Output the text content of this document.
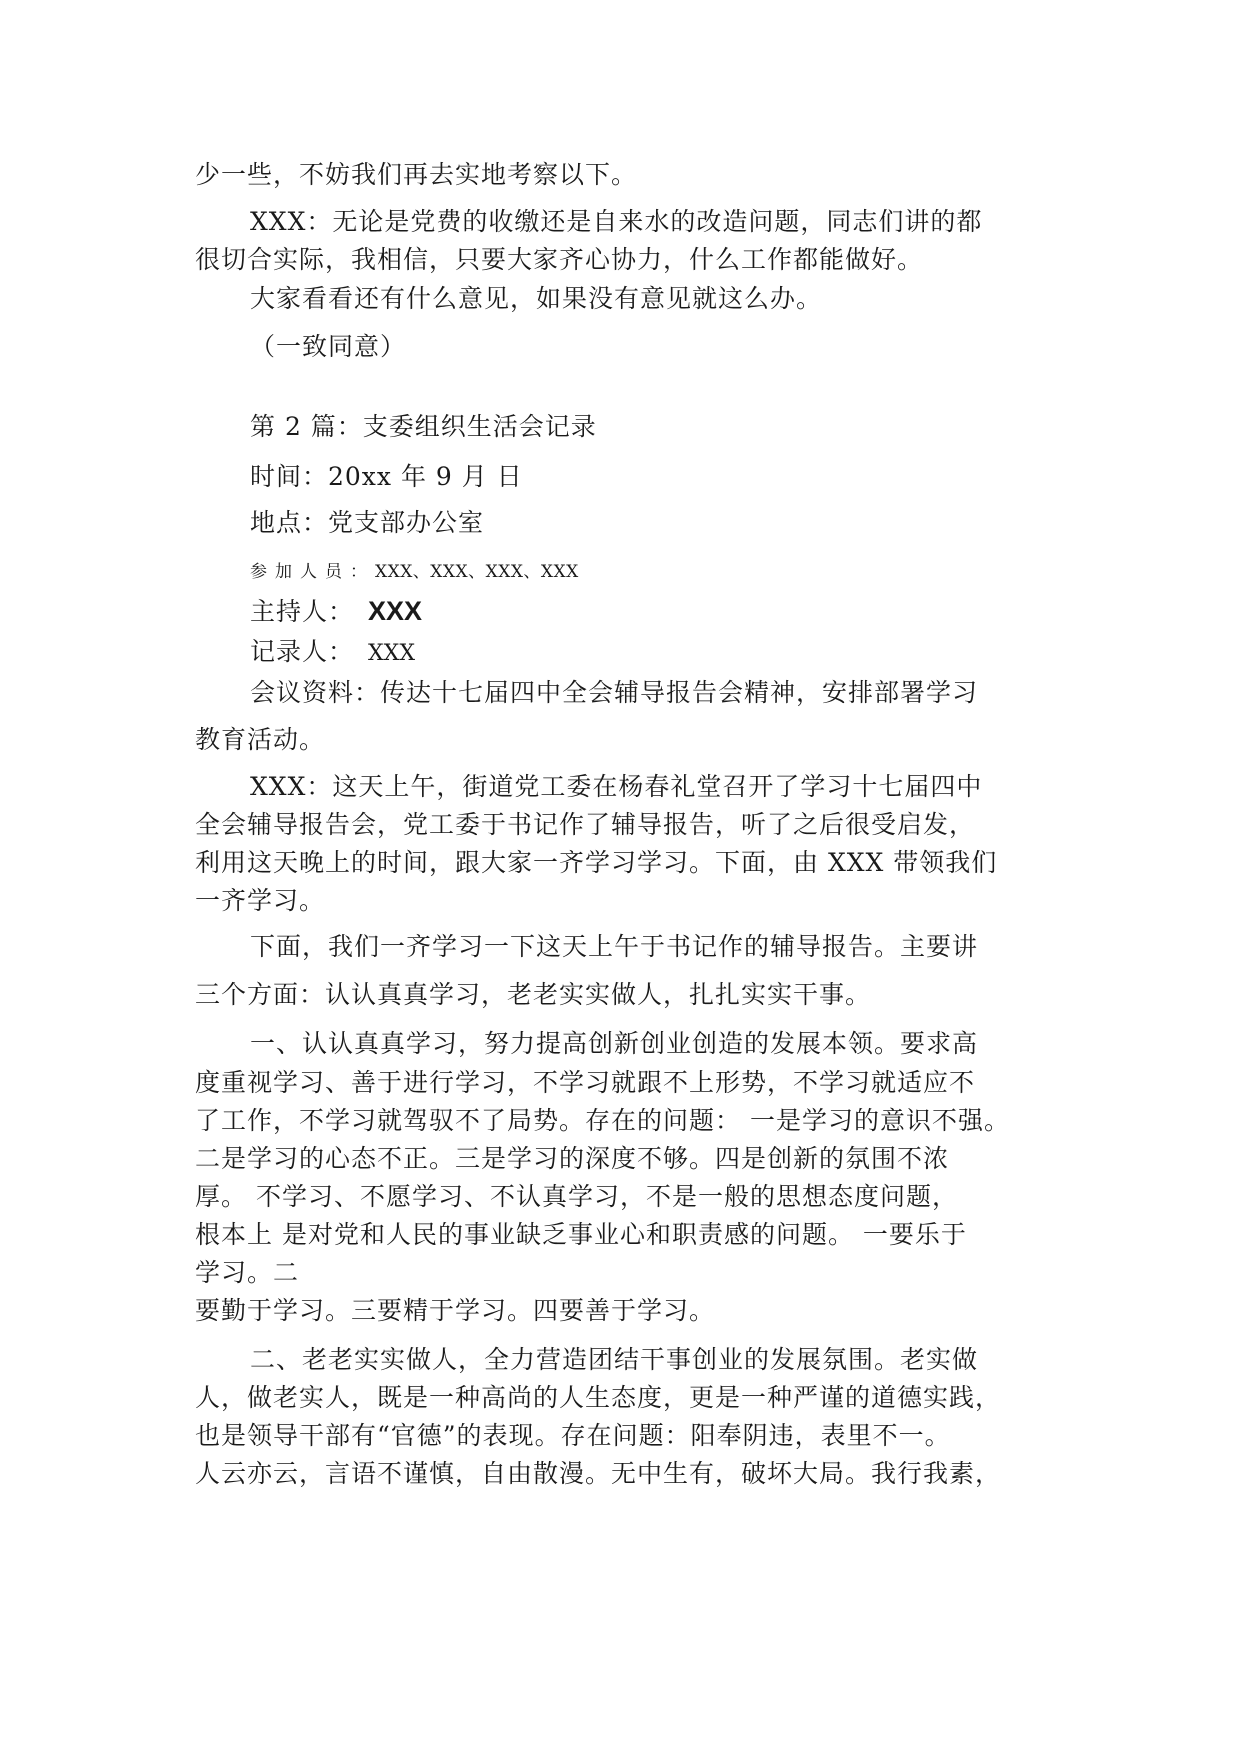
少一些，不妨我们再去实地考察以下。

XXX：无论是党费的收缴还是自来水的改造问题，同志们讲的都

很切合实际，我相信，只要大家齐心协力，什么工作都能做好。

大家看看还有什么意见，如果没有意见就这么办。

（一致同意）

第 2 篇：支委组织生活会记录

时间：20xx 年 9 月 日

地点：党支部办公室

参加人员：XXX、XXX、XXX、XXX

主持人： XXX

记录人： XXX

会议资料：传达十七届四中全会辅导报告会精神，安排部署学习

教育活动。

XXX：这天上午，街道党工委在杨春礼堂召开了学习十七届四中

全会辅导报告会，党工委于书记作了辅导报告，听了之后很受启发，

利用这天晚上的时间，跟大家一齐学习学习。下面，由 XXX 带领我们

一齐学习。

下面，我们一齐学习一下这天上午于书记作的辅导报告。主要讲

三个方面：认认真真学习，老老实实做人，扎扎实实干事。

一、认认真真学习，努力提高创新创业创造的发展本领。要求高

度重视学习、善于进行学习，不学习就跟不上形势，不学习就适应不

了工作，不学习就驾驭不了局势。存在的问题： 一是学习的意识不强。

二是学习的心态不正。三是学习的深度不够。四是创新的氛围不浓

厚。 不学习、不愿学习、不认真学习，不是一般的思想态度问题，

根本上 是对党和人民的事业缺乏事业心和职责感的问题。 一要乐于

学习。二

要勤于学习。三要精于学习。四要善于学习。

二、老老实实做人，全力营造团结干事创业的发展氛围。老实做

人，做老实人，既是一种高尚的人生态度，更是一种严谨的道德实践，

也是领导干部有“官德”的表现。存在问题：阳奉阴违，表里不一。

人云亦云，言语不谨慎，自由散漫。无中生有，破坏大局。我行我素，
